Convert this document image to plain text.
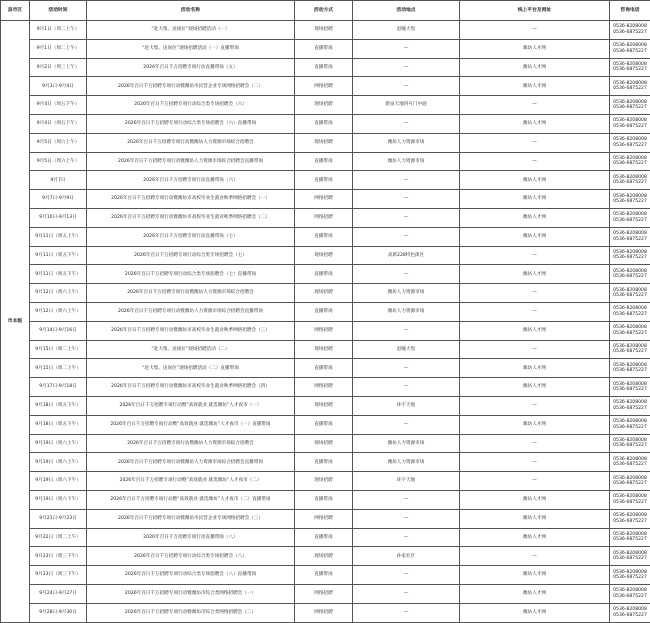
县市区	活动时间	活动名称	活动方式	活动地点	线上平台及网址	咨询电话
市本级	9月1日（周二上午）	“赴大集、送岗位”现场招聘活动（一）	现场招聘	赵疃大集	—	0536-8208008
0536-6875227

	9月1日（周二上午）	“赴大集、送岗位”现场招聘活动（一）直播带岗	直播带岗	—	潍坊人才网	0536-8208008
0536-6875227

	9月2日（周三上午）	2026年百日千万招聘专项行动直播带岗（五）	直播带岗	—	潍坊人才网	0536-8208008
0536-6875227

	9月3日-9月4日	2026年百日千万招聘专项行动暨潍坊市民营企业专场网络招聘会（二）	网络招聘	—	潍坊人才网	0536-8208008
0536-6875227

	9月4日（周五下午）	2026年百日千万招聘专项行动综合类专场招聘会（六）	现场招聘	新泉天地四号门中庭	—	0536-8208008
0536-6875227

	9月4日（周五下午）	2026年百日千万招聘专项行动综合类专场招聘会（六）直播带岗	直播带岗	—	潍坊人才网	0536-8208008
0536-6875227

	9月5日（周六上午）	2026年百日千万招聘专项行动暨潍坊人力资源市场综合招聘会	现场招聘	潍坊人力资源市场	—	0536-8208008
0536-6875227

	9月5日（周六上午）	2026年百日千万招聘专项行动暨潍坊人力资源市场综合招聘会直播带岗	直播带岗	潍坊人力资源市场	—	0536-8208008
0536-6875227

	9月7日	2026年百日千万招聘专项行动直播带岗（六）	直播带岗	—	潍坊人才网	0536-8208008
0536-6875227

	9月7日-9月9日	2026年百日千万招聘专项行动暨潍坊市高校毕业生就业秋季网络招聘会（一）	网络招聘	—	潍坊人才网	0536-8208008
0536-6875227

	9月10日-9月13日	2026年百日千万招聘专项行动暨潍坊市高校毕业生就业秋季网络招聘会（二）	网络招聘	—	潍坊人才网	0536-8208008
0536-6875227

	9月11日（周五上午）	2026年百日千万招聘专项行动直播带岗（七）	直播带岗	—	潍坊人才网	0536-8208008
0536-6875227

	9月11日（周五下午）	2026年百日千万招聘专项行动综合类专场招聘会（七）	现场招聘	高新228特色街区	—	0536-8208008
0536-6875227

	9月11日（周五下午）	2026年百日千万招聘专项行动综合类专场招聘会（七）直播带岗	直播带岗	—	潍坊人才网	0536-8208008
0536-6875227

	9月12日（周六上午）	2026年百日千万招聘专项行动暨潍坊人力资源市场综合招聘会	现场招聘	潍坊人力资源市场	—	0536-8208008
0536-6875227

	9月12日（周六上午）	2026年百日千万招聘专项行动暨潍坊人力资源市场综合招聘会直播带岗	直播带岗	潍坊人力资源市场	—	0536-8208008
0536-6875227

	9月14日-9月16日	2026年百日千万招聘专项行动暨潍坊市高校毕业生就业秋季网络招聘会（三）	网络招聘	—	潍坊人才网	0536-8208008
0536-6875227

	9月15日（周二上午）	“赴大集、送岗位”现场招聘活动（二）	现场招聘	赵疃大集	—	0536-8208008
0536-6875227

	9月15日（周二上午）	“赴大集、送岗位”现场招聘活动（二）直播带岗	直播带岗	—	潍坊人才网	0536-8208008
0536-6875227

	9月17日-9月18日	2026年百日千万招聘专项行动暨潍坊市高校毕业生就业秋季网络招聘会（四）	网络招聘	—	潍坊人才网	0536-8208008
0536-6875227

	9月18日（周五下午）	2026年百日千万招聘专项行动暨“高效就业 就选潍坊”人才夜市（一）	现场招聘	环宇天地	—	0536-8208008
0536-6875227

	9月18日（周五下午）	2026年百日千万招聘专项行动暨“高效就业 就选潍坊”人才夜市（一）直播带岗	直播带岗	—	潍坊人才网	0536-8208008
0536-6875227

	9月19日（周六上午）	2026年百日千万招聘专项行动暨潍坊人力资源市场综合招聘会	现场招聘	潍坊人力资源市场	—	0536-8208008
0536-6875227

	9月19日（周六上午）	2026年百日千万招聘专项行动暨潍坊人力资源市场综合招聘会直播带岗	直播带岗	潍坊人力资源市场	—	0536-8208008
0536-6875227

	9月19日（周六下午）	2026年百日千万招聘专项行动暨“高效就业 就选潍坊”人才夜市（二）	现场招聘	环宇天地	—	0536-8208008
0536-6875227

	9月19日（周六下午）	2026年百日千万招聘专项行动暨“高效就业 就选潍坊”人才夜市（二）直播带岗	直播带岗	—	潍坊人才网	0536-8208008
0536-6875227

	9月21日-9月23日	2026年百日千万招聘专项行动暨潍坊市民营企业专场网络招聘会（三）	网络招聘	—	潍坊人才网	0536-8208008
0536-6875227

	9月22日（周二上午）	2026年百日千万招聘专项行动直播带岗（八）	直播带岗	—	潍坊人才网	0536-8208008
0536-6875227

	9月23日（周三下午）	2026年百日千万招聘专项行动综合类专场招聘会（八）	现场招聘	孙家社区	—	0536-8208008
0536-6875227

	9月23日（周三下午）	2026年百日千万招聘专项行动综合类专场招聘会（八）直播带岗	直播带岗	—	潍坊人才网	0536-8208008
0536-6875227

	9月24日-9月27日	2026年百日千万招聘专项行动暨潍坊市综合类网络招聘会（一）	网络招聘	—	潍坊人才网	0536-8208008
0536-6875227

	9月28日-9月30日	2026年百日千万招聘专项行动暨潍坊市综合类网络招聘会（二）	网络招聘	—	潍坊人才网	0536-8208008
0536-6875227
